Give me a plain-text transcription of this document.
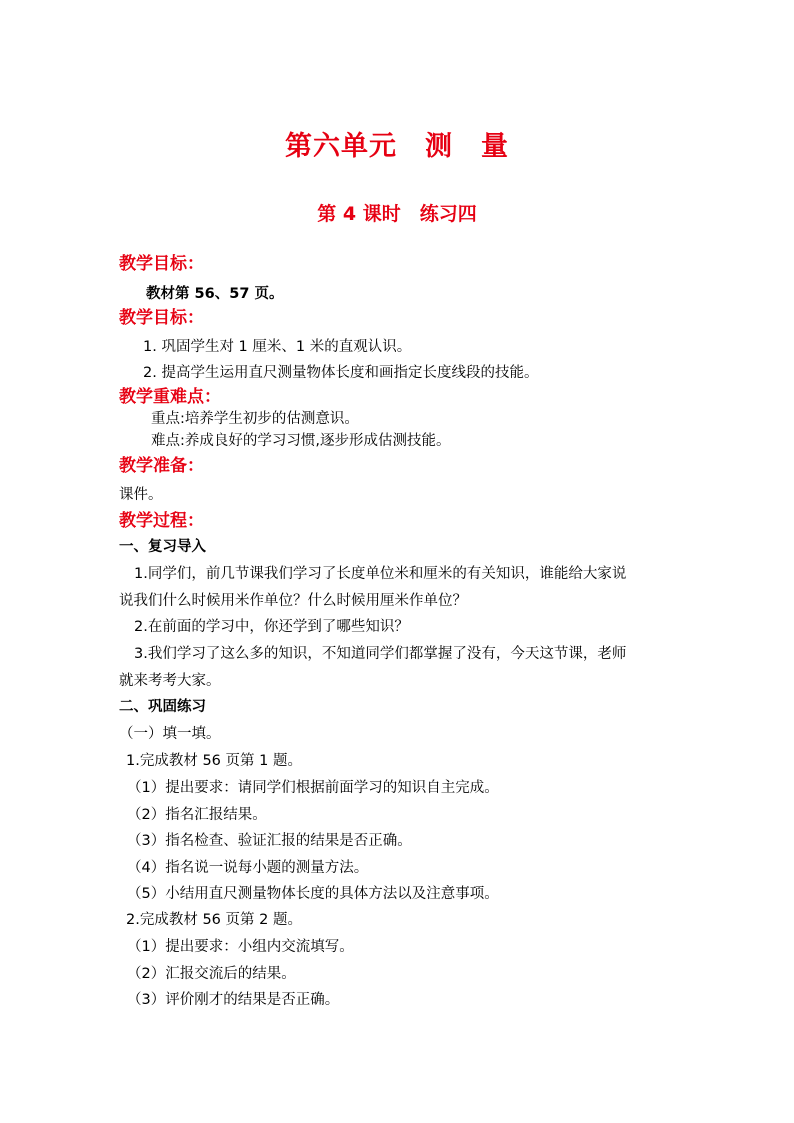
第六单元　测　量
第 4 课时　练习四
教学目标：
教材第 56、57 页。
教学目标：
1. 巩固学生对 1 厘米、1 米的直观认识。
2. 提高学生运用直尺测量物体长度和画指定长度线段的技能。
教学重难点：
重点:培养学生初步的估测意识。
难点:养成良好的学习习惯,逐步形成估测技能。
教学准备：
课件。
教学过程：
一、复习导入
1.同学们，前几节课我们学习了长度单位米和厘米的有关知识，谁能给大家说
说我们什么时候用米作单位？什么时候用厘米作单位？
2.在前面的学习中，你还学到了哪些知识？
3.我们学习了这么多的知识，不知道同学们都掌握了没有，今天这节课，老师
就来考考大家。
二、巩固练习
（一）填一填。
1.完成教材 56 页第 1 题。
（1）提出要求：请同学们根据前面学习的知识自主完成。
（2）指名汇报结果。
（3）指名检查、验证汇报的结果是否正确。
（4）指名说一说每小题的测量方法。
（5）小结用直尺测量物体长度的具体方法以及注意事项。
2.完成教材 56 页第 2 题。
（1）提出要求：小组内交流填写。
（2）汇报交流后的结果。
（3）评价刚才的结果是否正确。
